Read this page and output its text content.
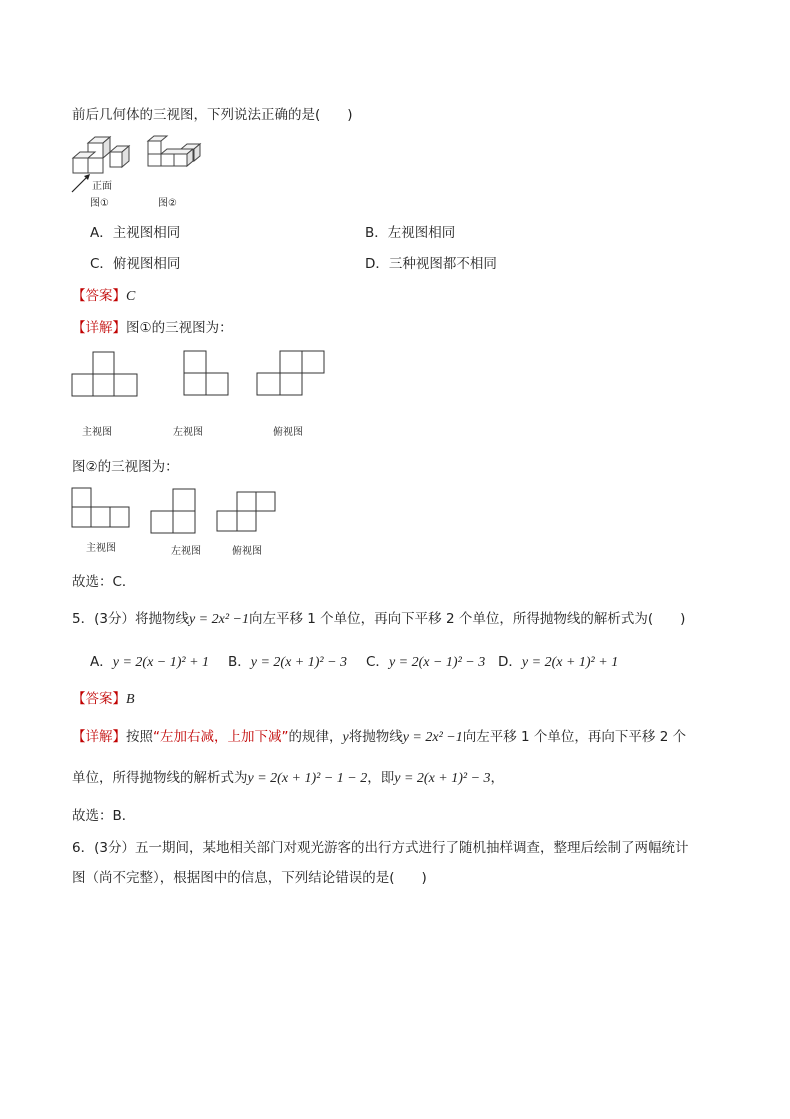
前后几何体的三视图，下列说法正确的是(　　)
正面
图①	图②
A．主视图相同	B．左视图相同
C．俯视图相同	D．三种视图都不相同
【答案】C
【详解】图①的三视图为：
主视图	左视图	俯视图
图②的三视图为：
主视图	左视图	俯视图
故选：C．
5．(3分）将抛物线y = 2x² −1向左平移 1 个单位，再向下平移 2 个单位，所得抛物线的解析式为(　　)
A．y = 2(x − 1)² + 1 B．y = 2(x + 1)² − 3 C．y = 2(x − 1)² − 3 D．y = 2(x + 1)² + 1
【答案】B
【详解】按照“左加右减，上加下减”的规律，y将抛物线y = 2x² −1向左平移 1 个单位，再向下平移 2 个
单位，所得抛物线的解析式为y = 2(x + 1)² − 1 − 2，即y = 2(x + 1)² − 3，
故选：B．
6．(3分）五一期间，某地相关部门对观光游客的出行方式进行了随机抽样调查，整理后绘制了两幅统计
图（尚不完整），根据图中的信息，下列结论错误的是(　　)
